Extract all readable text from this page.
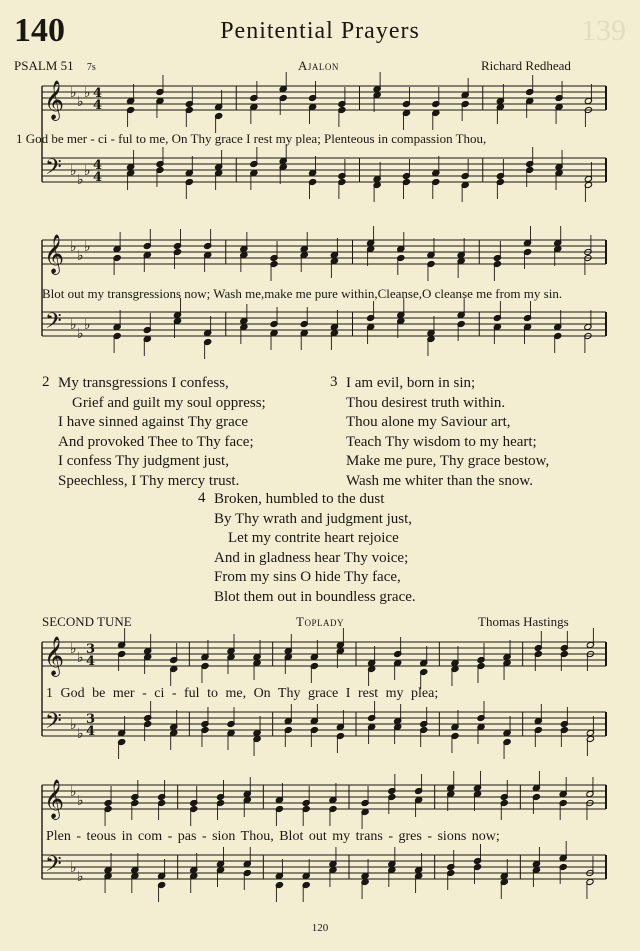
140	Penitential Prayers	139
PSALM 51 7s	Ajalon	Richard Redhead
𝄞
𝄢
♭
♭
♭
♭
♭
♭
4
4
4
4
1 God be mer - ci - ful to me, On Thy grace I rest my plea; Plenteous in compassion Thou,
𝄞
𝄢
♭
♭
♭
♭
♭
♭
Blot out my transgressions now; Wash me,make me pure within,Cleanse,O cleanse me from my sin.
2 My transgressions I confess,
Grief and guilt my soul oppress;
I have sinned against Thy grace
And provoked Thee to Thy face;
I confess Thy judgment just,
Speechless, I Thy mercy trust.
3 I am evil, born in sin;
Thou desirest truth within.
Thou alone my Saviour art,
Teach Thy wisdom to my heart;
Make me pure, Thy grace bestow,
Wash me whiter than the snow.
4 Broken, humbled to the dust
By Thy wrath and judgment just,
Let my contrite heart rejoice
And in gladness hear Thy voice;
From my sins O hide Thy face,
Blot them out in boundless grace.
SECOND TUNE	Toplady	Thomas Hastings
𝄞
𝄢
♭
♭
♭
♭
3
4
3
4
1 God be mer - ci - ful to me, On Thy grace I rest my plea;
𝄞
𝄢
♭
♭
♭
♭
Plen - teous in com - pas - sion Thou, Blot out my trans - gres - sions now;
120
